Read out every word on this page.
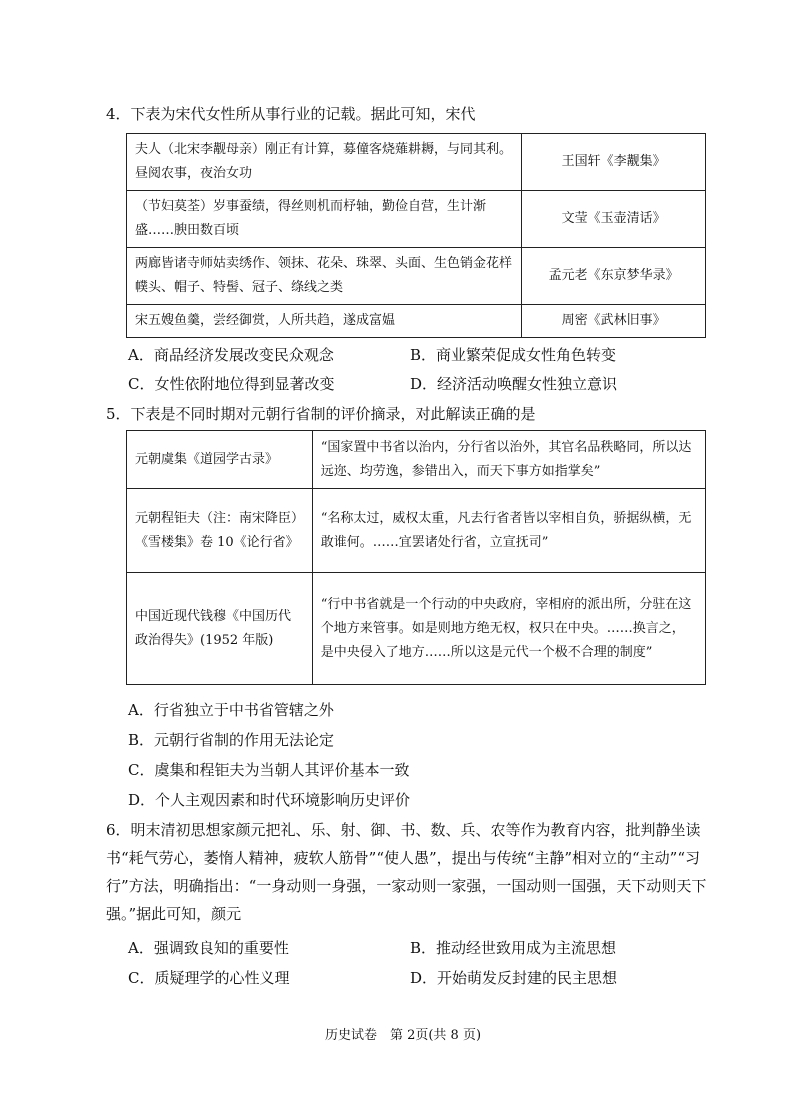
4．下表为宋代女性所从事行业的记载。据此可知，宋代
夫人（北宋李觏母亲）刚正有计算，募僮客烧薙耕耨，与同其利。昼阅农事，夜治女功	王国轩《李觏集》
（节妇莫荃）岁事蚕绩，得丝则机而杼轴，勤俭自营，生计渐盛……腴田数百顷	文莹《玉壶清话》
两廊皆诸寺师姑卖绣作、领抹、花朵、珠翠、头面、生色销金花样幞头、帽子、特髻、冠子、绦线之类	孟元老《东京梦华录》
宋五嫂鱼羹，尝经御赏，人所共趋，遂成富媪	周密《武林旧事》
A．商品经济发展改变民众观念	B．商业繁荣促成女性角色转变
C．女性依附地位得到显著改变	D．经济活动唤醒女性独立意识
5．下表是不同时期对元朝行省制的评价摘录，对此解读正确的是
元朝虞集《道园学古录》	“国家置中书省以治内，分行省以治外，其官名品秩略同，所以达远迩、均劳逸，参错出入，而天下事方如指掌矣”
元朝程钜夫（注：南宋降臣）《雪楼集》卷 10《论行省》	“名称太过，威权太重，凡去行省者皆以宰相自负，骄据纵横，无敢谁何。……宜罢诸处行省，立宣抚司”
中国近现代钱穆《中国历代政治得失》(1952 年版)	“行中书省就是一个行动的中央政府，宰相府的派出所，分驻在这个地方来管事。如是则地方绝无权，权只在中央。……换言之，是中央侵入了地方……所以这是元代一个极不合理的制度”
A．行省独立于中书省管辖之外
B．元朝行省制的作用无法论定
C．虞集和程钜夫为当朝人其评价基本一致
D．个人主观因素和时代环境影响历史评价
6．明末清初思想家颜元把礼、乐、射、御、书、数、兵、农等作为教育内容，批判静坐读书“耗气劳心，萎惰人精神，疲软人筋骨”“使人愚”，提出与传统“主静”相对立的“主动”“习行”方法，明确指出：“一身动则一身强，一家动则一家强，一国动则一国强，天下动则天下强。”据此可知，颜元
A．强调致良知的重要性	B．推动经世致用成为主流思想
C．质疑理学的心性义理	D．开始萌发反封建的民主思想
历史试卷　第 2页(共 8 页)
